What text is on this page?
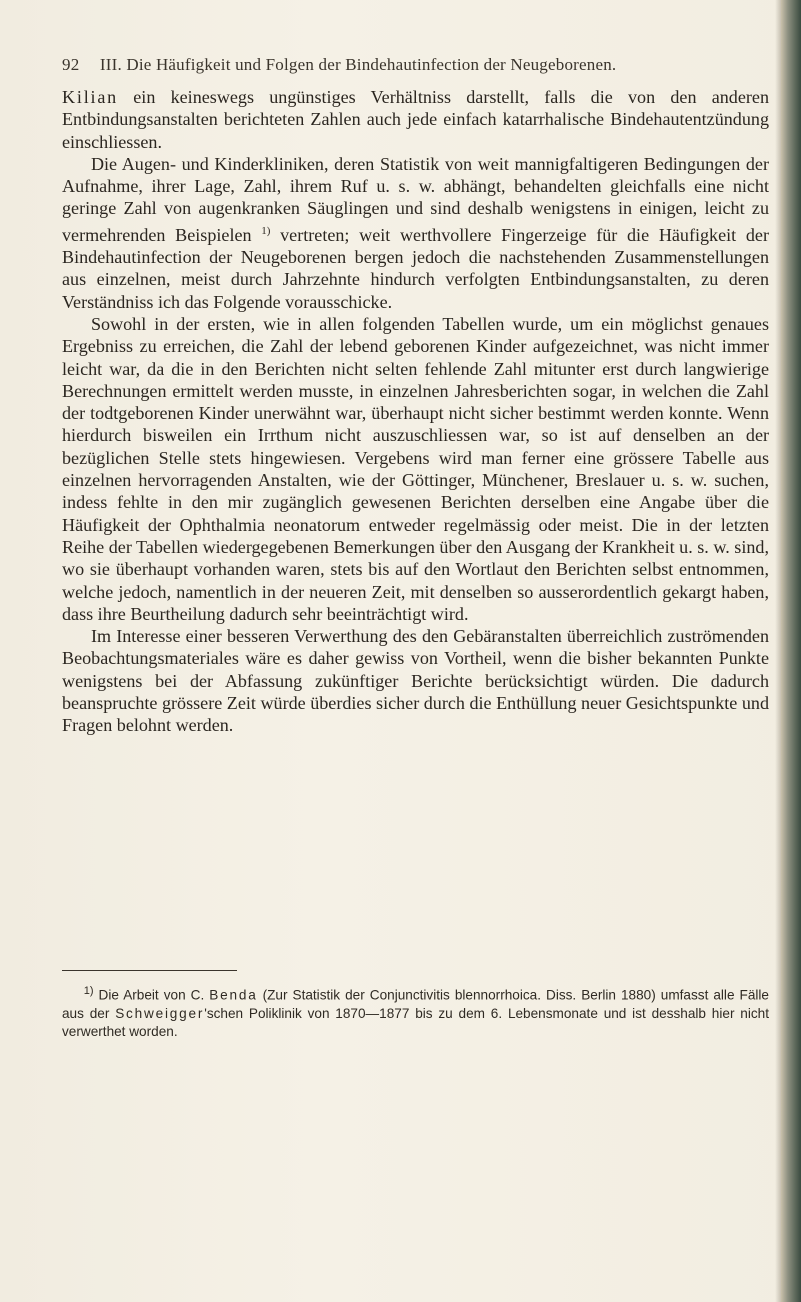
92 III. Die Häufigkeit und Folgen der Bindehautinfection der Neugeborenen.

Kilian ein keineswegs ungünstiges Verhältniss darstellt, falls die von den anderen Entbindungsanstalten berichteten Zahlen auch jede einfach katarrhalische Bindehautentzündung einschliessen.

Die Augen- und Kinderkliniken, deren Statistik von weit mannigfaltigeren Bedingungen der Aufnahme, ihrer Lage, Zahl, ihrem Ruf u. s. w. abhängt, behandelten gleichfalls eine nicht geringe Zahl von augenkranken Säuglingen und sind deshalb wenigstens in einigen, leicht zu vermehrenden Beispielen $^{1)}$ vertreten; weit werthvollere Fingerzeige für die Häufigkeit der Bindehautinfection der Neugeborenen bergen jedoch die nachstehenden Zusammenstellungen aus einzelnen, meist durch Jahrzehnte hindurch verfolgten Entbindungsanstalten, zu deren Verständniss ich das Folgende vorausschicke.

Sowohl in der ersten, wie in allen folgenden Tabellen wurde, um ein möglichst genaues Ergebniss zu erreichen, die Zahl der lebend geborenen Kinder aufgezeichnet, was nicht immer leicht war, da die in den Berichten nicht selten fehlende Zahl mitunter erst durch langwierige Berechnungen ermittelt werden musste, in einzelnen Jahresberichten sogar, in welchen die Zahl der todtgeborenen Kinder unerwähnt war, überhaupt nicht sicher bestimmt werden konnte. Wenn hierdurch bisweilen ein Irrthum nicht auszuschliessen war, so ist auf denselben an der bezüglichen Stelle stets hingewiesen. Vergebens wird man ferner eine grössere Tabelle aus einzelnen hervorragenden Anstalten, wie der Göttinger, Münchener, Breslauer u. s. w. suchen, indess fehlte in den mir zugänglich gewesenen Berichten derselben eine Angabe über die Häufigkeit der Ophthalmia neonatorum entweder regelmässig oder meist. Die in der letzten Reihe der Tabellen wiedergegebenen Bemerkungen über den Ausgang der Krankheit u. s. w. sind, wo sie überhaupt vorhanden waren, stets bis auf den Wortlaut den Berichten selbst entnommen, welche jedoch, namentlich in der neueren Zeit, mit denselben so ausserordentlich gekargt haben, dass ihre Beurtheilung dadurch sehr beeinträchtigt wird.

Im Interesse einer besseren Verwerthung des den Gebäranstalten überreichlich zuströmenden Beobachtungsmateriales wäre es daher gewiss von Vortheil, wenn die bisher bekannten Punkte wenigstens bei der Abfassung zukünftiger Berichte berücksichtigt würden. Die dadurch beanspruchte grössere Zeit würde überdies sicher durch die Enthüllung neuer Gesichtspunkte und Fragen belohnt werden.

$^{1)}$ Die Arbeit von C. Benda (Zur Statistik der Conjunctivitis blennorrhoica. Diss. Berlin 1880) umfasst alle Fälle aus der Schweigger'schen Poliklinik von 1870—1877 bis zu dem 6. Lebensmonate und ist desshalb hier nicht verwerthet worden.
